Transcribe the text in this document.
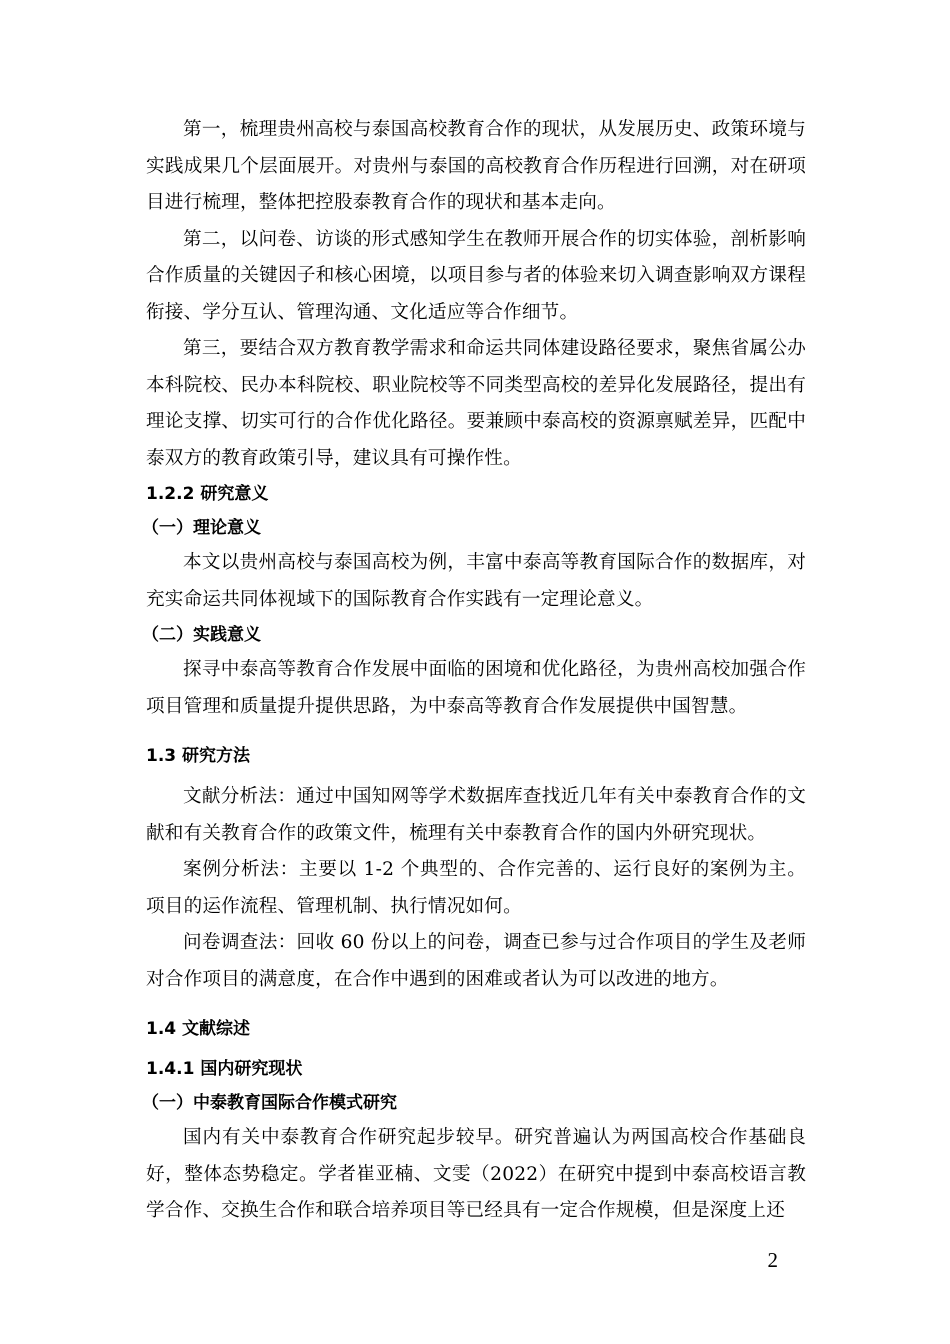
第一，梳理贵州高校与泰国高校教育合作的现状，从发展历史、政策环境与实践成果几个层面展开。对贵州与泰国的高校教育合作历程进行回溯，对在研项目进行梳理，整体把控股泰教育合作的现状和基本走向。

第二，以问卷、访谈的形式感知学生在教师开展合作的切实体验，剖析影响合作质量的关键因子和核心困境，以项目参与者的体验来切入调查影响双方课程衔接、学分互认、管理沟通、文化适应等合作细节。

第三，要结合双方教育教学需求和命运共同体建设路径要求，聚焦省属公办本科院校、民办本科院校、职业院校等不同类型高校的差异化发展路径，提出有理论支撑、切实可行的合作优化路径。要兼顾中泰高校的资源禀赋差异，匹配中泰双方的教育政策引导，建议具有可操作性。

1.2.2 研究意义
（一）理论意义

本文以贵州高校与泰国高校为例，丰富中泰高等教育国际合作的数据库，对充实命运共同体视域下的国际教育合作实践有一定理论意义。

（二）实践意义

探寻中泰高等教育合作发展中面临的困境和优化路径，为贵州高校加强合作项目管理和质量提升提供思路，为中泰高等教育合作发展提供中国智慧。

1.3 研究方法

文献分析法：通过中国知网等学术数据库查找近几年有关中泰教育合作的文献和有关教育合作的政策文件，梳理有关中泰教育合作的国内外研究现状。

案例分析法：主要以 1-2 个典型的、合作完善的、运行良好的案例为主。项目的运作流程、管理机制、执行情况如何。

问卷调查法：回收 60 份以上的问卷，调查已参与过合作项目的学生及老师对合作项目的满意度，在合作中遇到的困难或者认为可以改进的地方。

1.4 文献综述
1.4.1 国内研究现状
（一）中泰教育国际合作模式研究

国内有关中泰教育合作研究起步较早。研究普遍认为两国高校合作基础良好，整体态势稳定。学者崔亚楠、文雯（2022）在研究中提到中泰高校语言教学合作、交换生合作和联合培养项目等已经具有一定合作规模，但是深度上还

2
